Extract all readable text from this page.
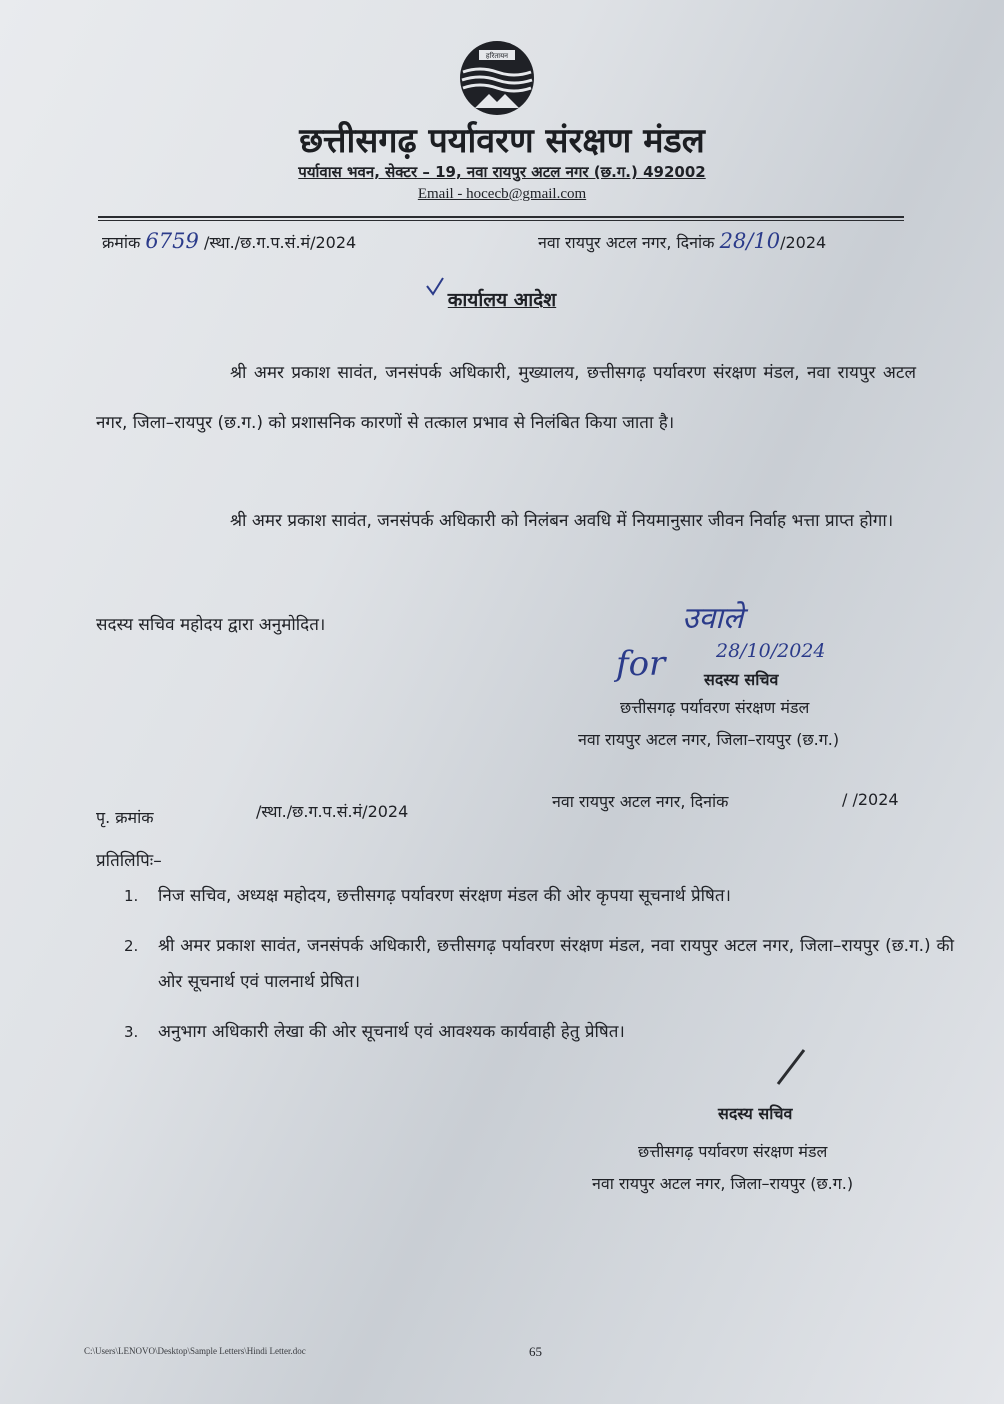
हरितायन
छत्तीसगढ़ पर्यावरण संरक्षण मंडल
पर्यावास भवन, सेक्टर – 19, नवा रायपुर अटल नगर (छ.ग.) 492002
Email - hocecb@gmail.com
क्रमांक 6759 /स्था./छ.ग.प.सं.मं/2024	नवा रायपुर अटल नगर, दिनांक 28/10/2024
कार्यालय आदेश
श्री अमर प्रकाश सावंत, जनसंपर्क अधिकारी, मुख्यालय, छत्तीसगढ़ पर्यावरण संरक्षण मंडल, नवा रायपुर अटल नगर, जिला–रायपुर (छ.ग.) को प्रशासनिक कारणों से तत्काल प्रभाव से निलंबित किया जाता है।
श्री अमर प्रकाश सावंत, जनसंपर्क अधिकारी को निलंबन अवधि में नियमानुसार जीवन निर्वाह भत्ता प्राप्त होगा।
सदस्य सचिव महोदय द्वारा अनुमोदित।	उवाले
for	28/10/2024
सदस्य सचिव
छत्तीसगढ़ पर्यावरण संरक्षण मंडल
नवा रायपुर अटल नगर, जिला–रायपुर (छ.ग.)
पृ. क्रमांक	/स्था./छ.ग.प.सं.मं/2024
नवा रायपुर अटल नगर, दिनांक	/ /2024
प्रतिलिपिः–
1.	निज सचिव, अध्यक्ष महोदय, छत्तीसगढ़ पर्यावरण संरक्षण मंडल की ओर कृपया सूचनार्थ प्रेषित।
2.	श्री अमर प्रकाश सावंत, जनसंपर्क अधिकारी, छत्तीसगढ़ पर्यावरण संरक्षण मंडल, नवा रायपुर अटल नगर, जिला–रायपुर (छ.ग.) की ओर सूचनार्थ एवं पालनार्थ प्रेषित।
3.	अनुभाग अधिकारी लेखा की ओर सूचनार्थ एवं आवश्यक कार्यवाही हेतु प्रेषित।
सदस्य सचिव
छत्तीसगढ़ पर्यावरण संरक्षण मंडल
नवा रायपुर अटल नगर, जिला–रायपुर (छ.ग.)
C:\Users\LENOVO\Desktop\Sample Letters\Hindi Letter.doc	65
